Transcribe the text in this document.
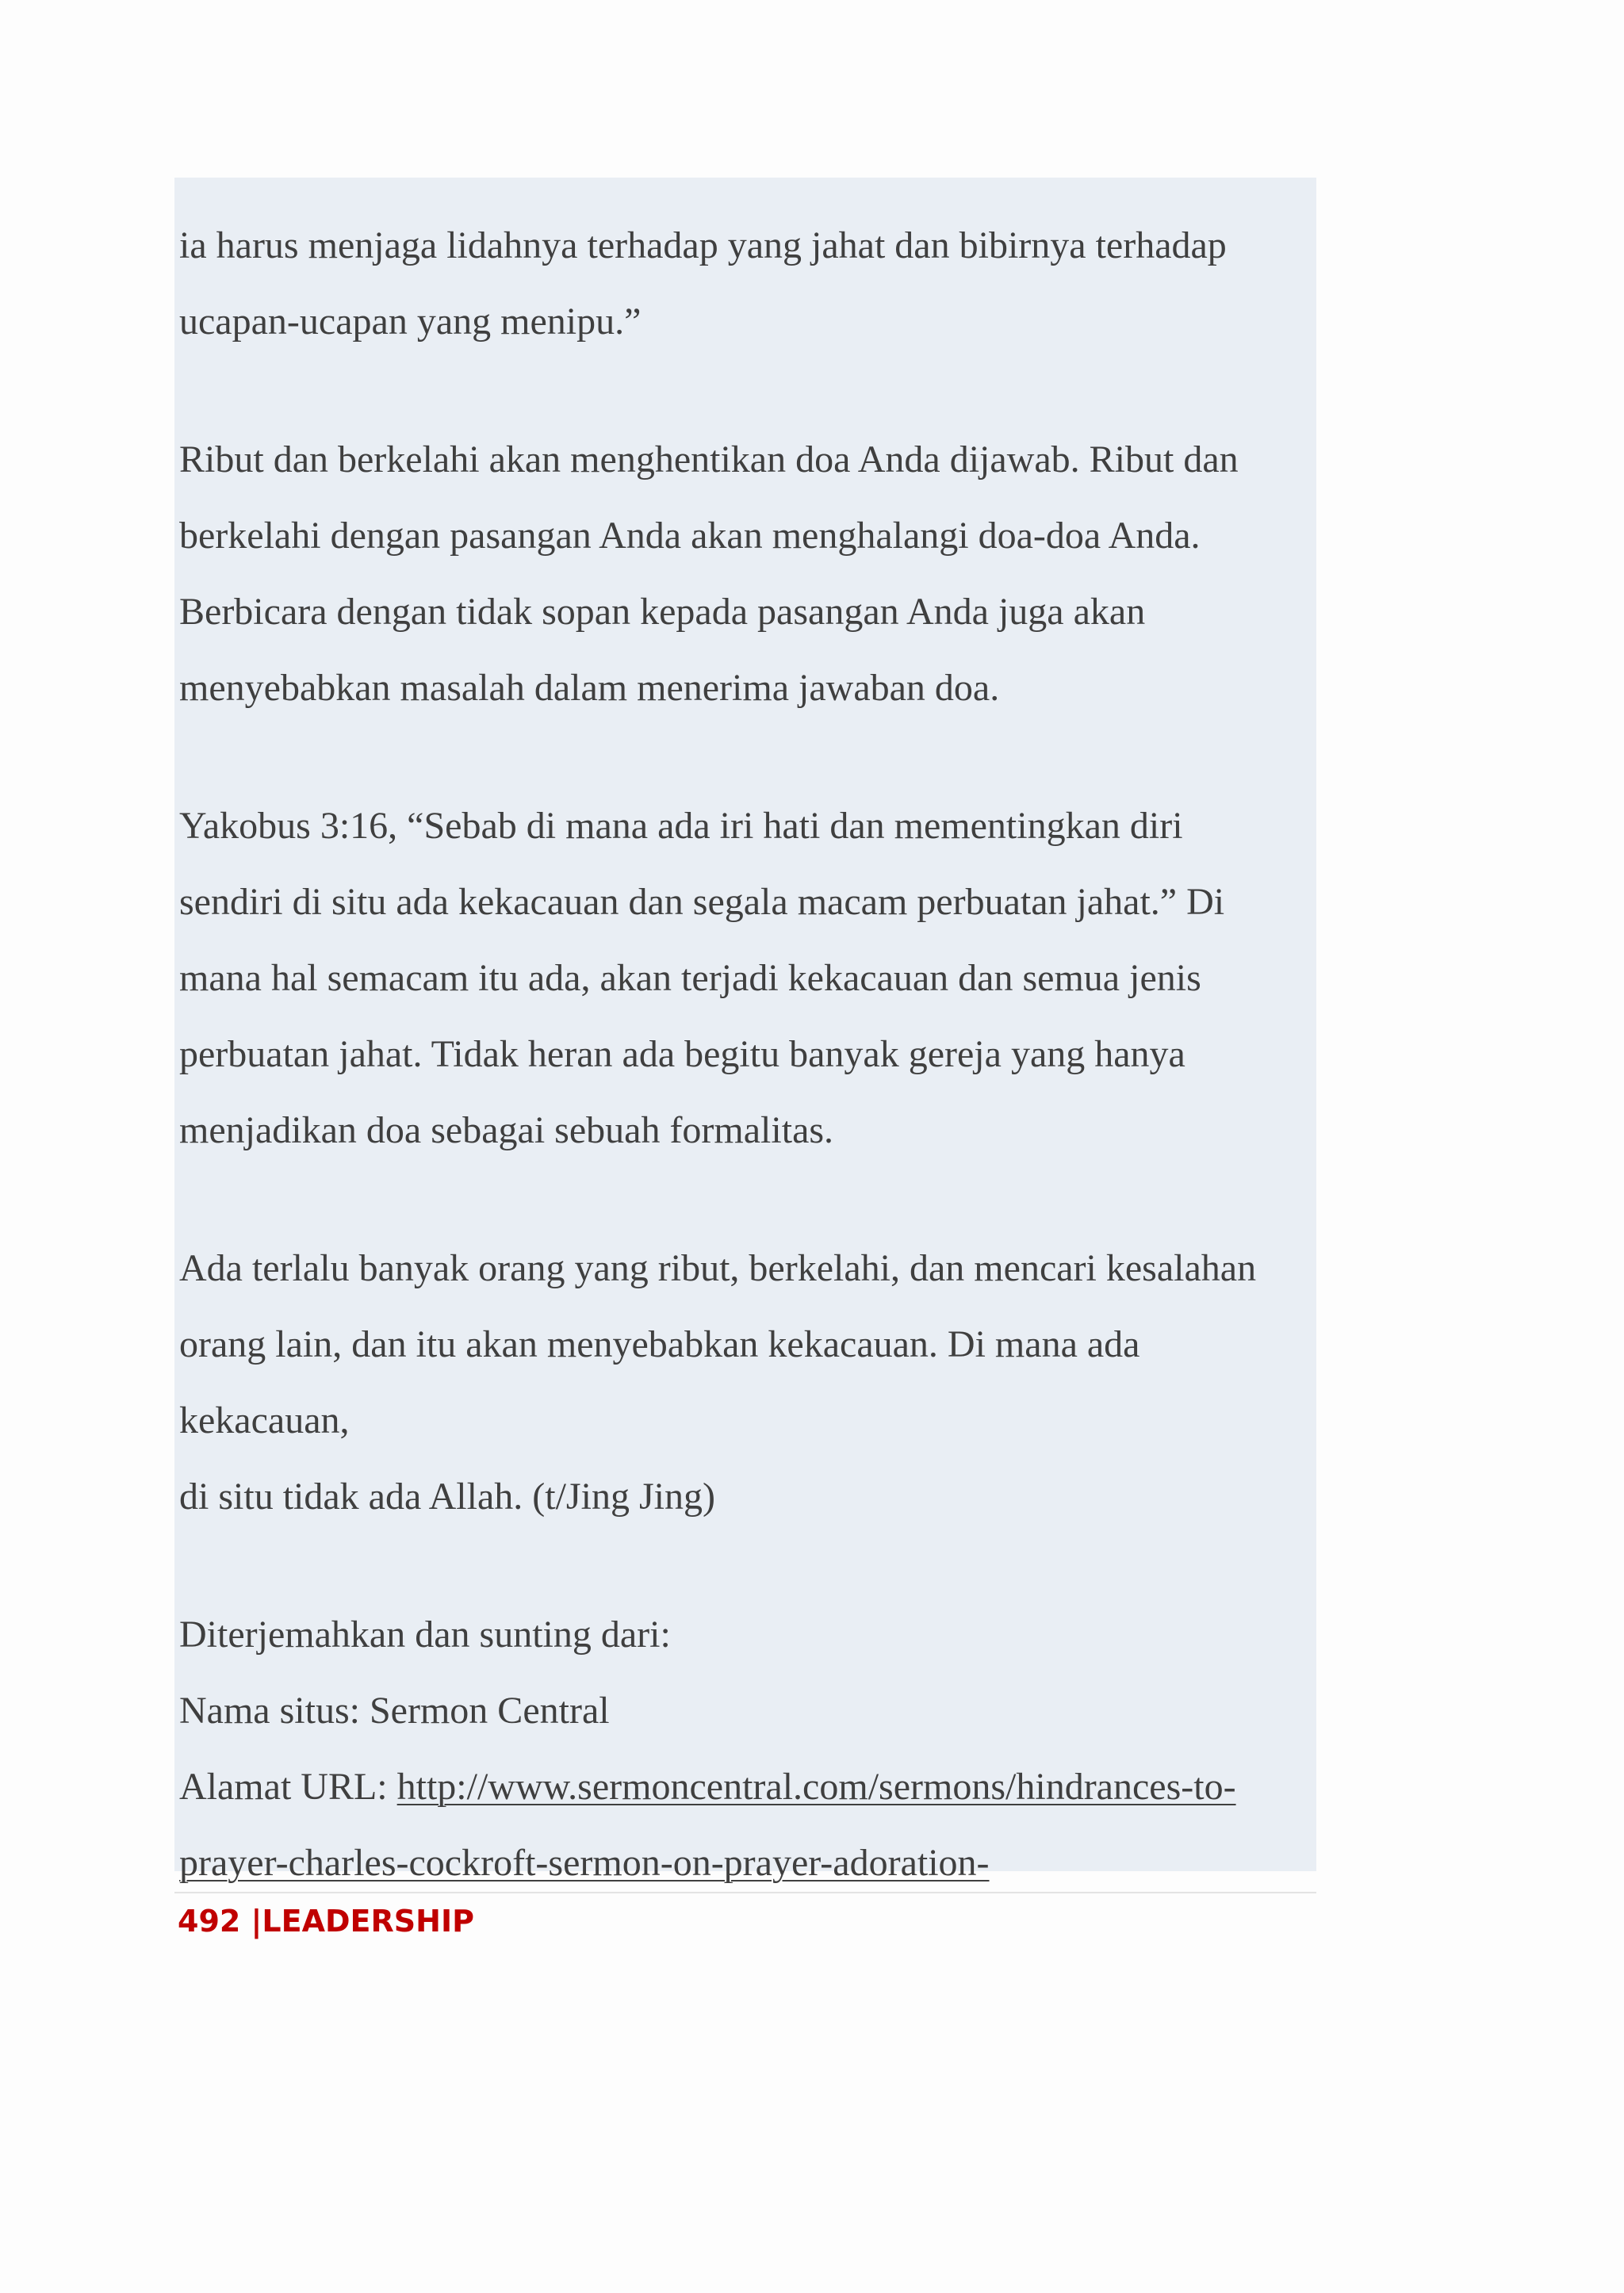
ia harus menjaga lidahnya terhadap yang jahat dan bibirnya terhadap
ucapan-ucapan yang menipu.”

Ribut dan berkelahi akan menghentikan doa Anda dijawab. Ribut dan
berkelahi dengan pasangan Anda akan menghalangi doa-doa Anda.
Berbicara dengan tidak sopan kepada pasangan Anda juga akan
menyebabkan masalah dalam menerima jawaban doa.

Yakobus 3:16, “Sebab di mana ada iri hati dan mementingkan diri
sendiri di situ ada kekacauan dan segala macam perbuatan jahat.” Di
mana hal semacam itu ada, akan terjadi kekacauan dan semua jenis
perbuatan jahat. Tidak heran ada begitu banyak gereja yang hanya
menjadikan doa sebagai sebuah formalitas.

Ada terlalu banyak orang yang ribut, berkelahi, dan mencari kesalahan
orang lain, dan itu akan menyebabkan kekacauan. Di mana ada
kekacauan,
di situ tidak ada Allah. (t/Jing Jing)

Diterjemahkan dan sunting dari:
Nama situs: Sermon Central
Alamat URL: http://www.sermoncentral.com/sermons/hindrances-to-
prayer-charles-cockroft-sermon-on-prayer-adoration-

492 |LEADERSHIP
